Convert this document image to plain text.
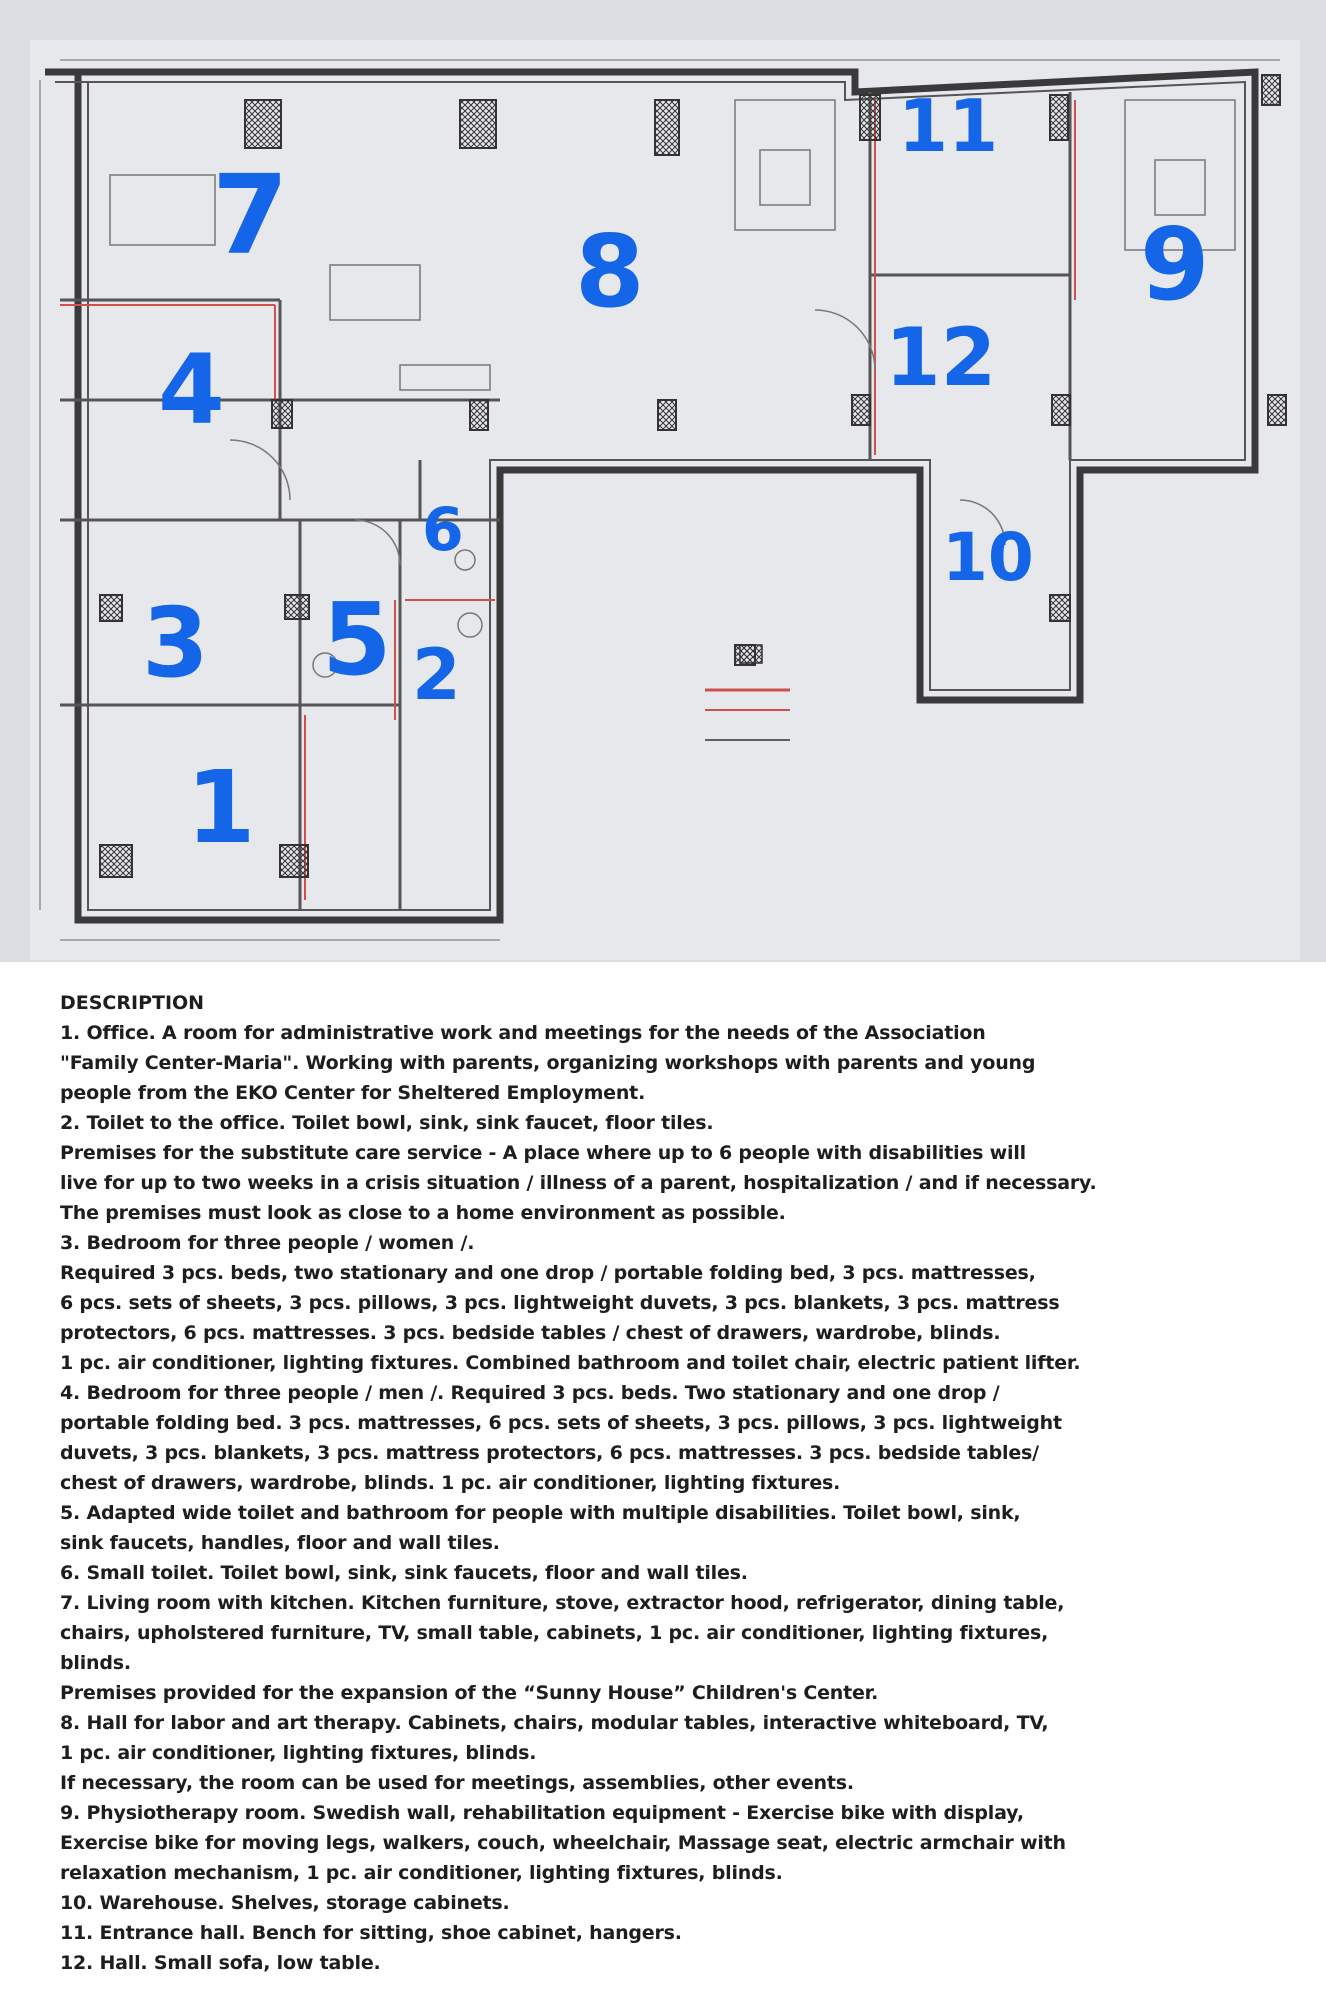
7	8
11
9
12
4
6	10
3 5 2
1
DESCRIPTION
1. Office. A room for administrative work and meetings for the needs of the Association
"Family Center-Maria". Working with parents, organizing workshops with parents and young
people from the EKO Center for Sheltered Employment.
2. Toilet to the office. Toilet bowl, sink, sink faucet, floor tiles.
Premises for the substitute care service - A place where up to 6 people with disabilities will
live for up to two weeks in a crisis situation / illness of a parent, hospitalization / and if necessary.
The premises must look as close to a home environment as possible.
3. Bedroom for three people / women /.
Required 3 pcs. beds, two stationary and one drop / portable folding bed, 3 pcs. mattresses,
6 pcs. sets of sheets, 3 pcs. pillows, 3 pcs. lightweight duvets, 3 pcs. blankets, 3 pcs. mattress
protectors, 6 pcs. mattresses. 3 pcs. bedside tables / chest of drawers, wardrobe, blinds.
1 pc. air conditioner, lighting fixtures. Combined bathroom and toilet chair, electric patient lifter.
4. Bedroom for three people / men /. Required 3 pcs. beds. Two stationary and one drop /
portable folding bed. 3 pcs. mattresses, 6 pcs. sets of sheets, 3 pcs. pillows, 3 pcs. lightweight
duvets, 3 pcs. blankets, 3 pcs. mattress protectors, 6 pcs. mattresses. 3 pcs. bedside tables/
chest of drawers, wardrobe, blinds. 1 pc. air conditioner, lighting fixtures.
5. Adapted wide toilet and bathroom for people with multiple disabilities. Toilet bowl, sink,
sink faucets, handles, floor and wall tiles.
6. Small toilet. Toilet bowl, sink, sink faucets, floor and wall tiles.
7. Living room with kitchen. Kitchen furniture, stove, extractor hood, refrigerator, dining table,
chairs, upholstered furniture, TV, small table, cabinets, 1 pc. air conditioner, lighting fixtures,
blinds.
Premises provided for the expansion of the “Sunny House” Children's Center.
8. Hall for labor and art therapy. Cabinets, chairs, modular tables, interactive whiteboard, TV,
1 pc. air conditioner, lighting fixtures, blinds.
If necessary, the room can be used for meetings, assemblies, other events.
9. Physiotherapy room. Swedish wall, rehabilitation equipment - Exercise bike with display,
Exercise bike for moving legs, walkers, couch, wheelchair, Massage seat, electric armchair with
relaxation mechanism, 1 pc. air conditioner, lighting fixtures, blinds.
10. Warehouse. Shelves, storage cabinets.
11. Entrance hall. Bench for sitting, shoe cabinet, hangers.
12. Hall. Small sofa, low table.
